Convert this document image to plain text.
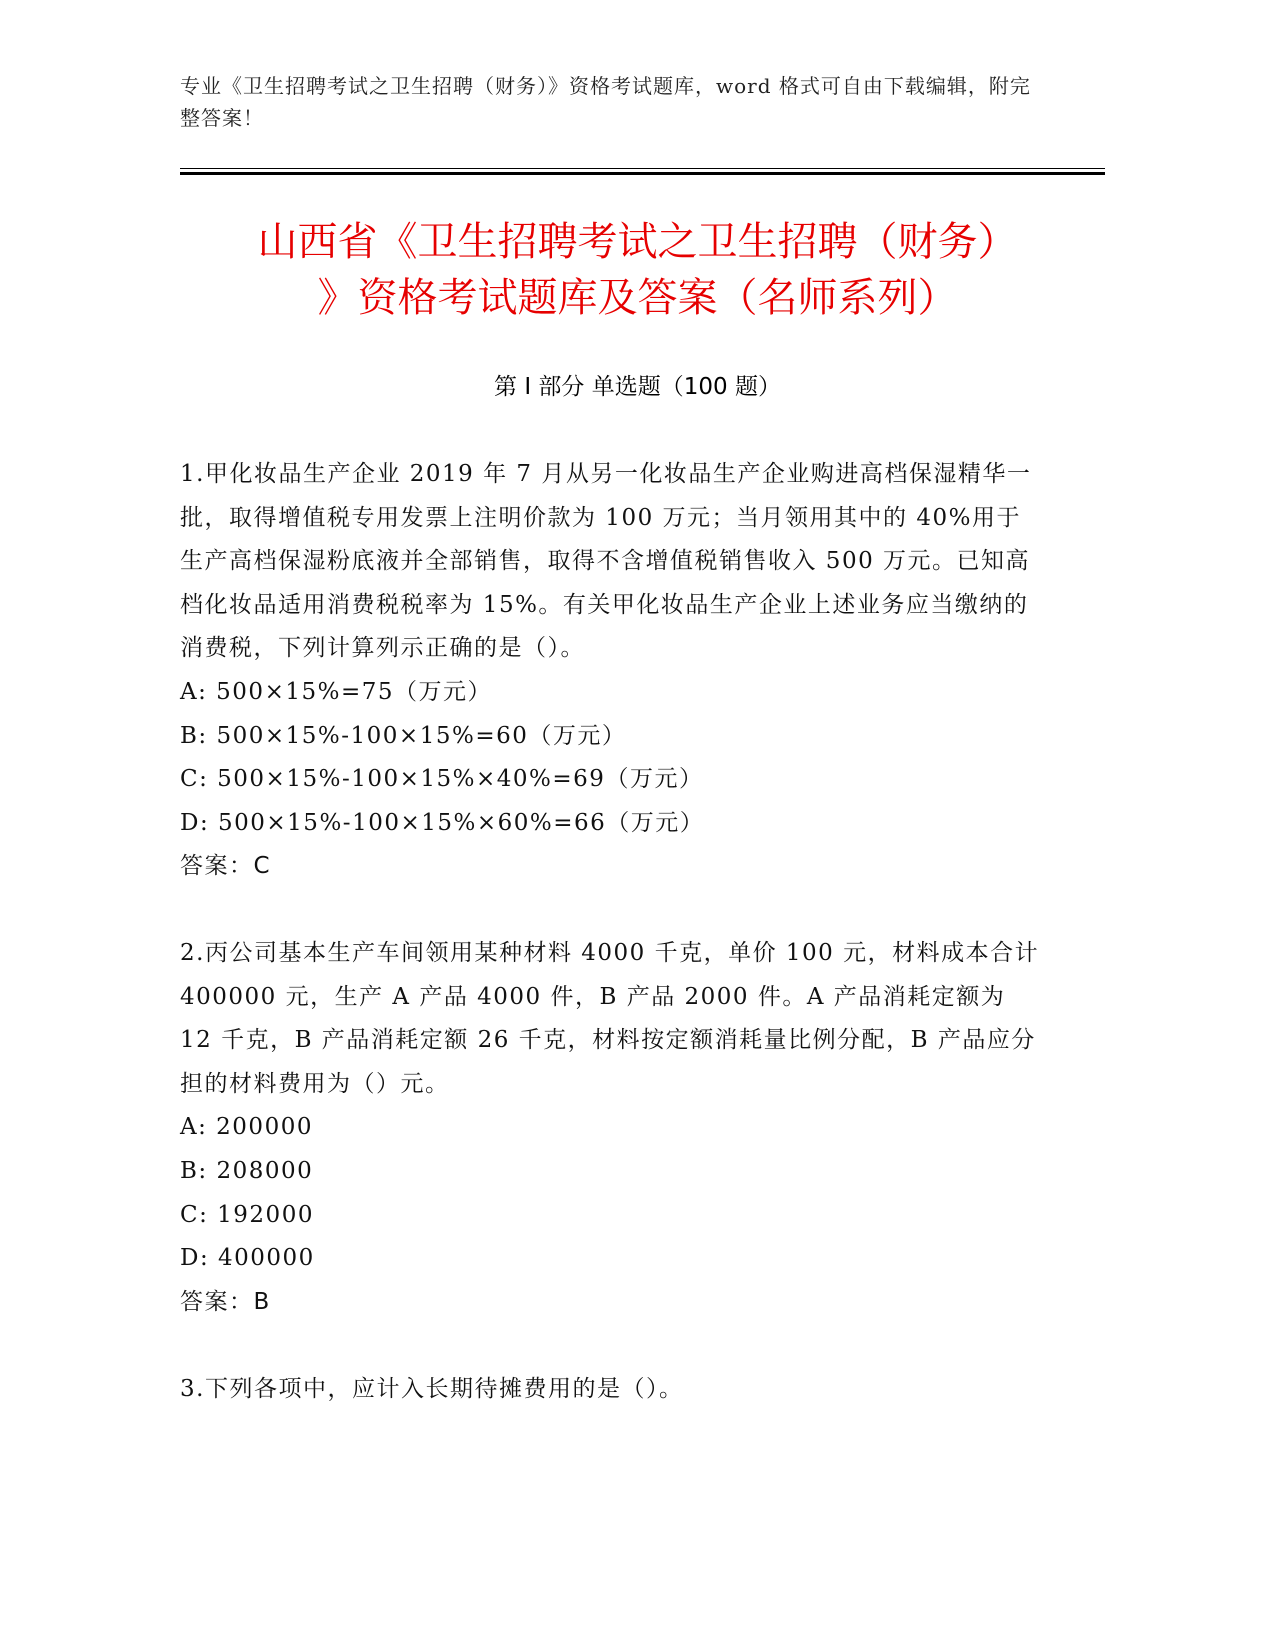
专业《卫生招聘考试之卫生招聘（财务）》资格考试题库，word 格式可自由下载编辑，附完整答案！
山西省《卫生招聘考试之卫生招聘（财务）
》资格考试题库及答案（名师系列）
第 I 部分 单选题（100 题）

1.甲化妆品生产企业 2019 年 7 月从另一化妆品生产企业购进高档保湿精华一批，取得增值税专用发票上注明价款为 100 万元；当月领用其中的 40%用于生产高档保湿粉底液并全部销售，取得不含增值税销售收入 500 万元。已知高档化妆品适用消费税税率为 15%。有关甲化妆品生产企业上述业务应当缴纳的消费税，下列计算列示正确的是（）。

A: 500×15%=75（万元）

B: 500×15%-100×15%=60（万元）

C: 500×15%-100×15%×40%=69（万元）

D: 500×15%-100×15%×60%=66（万元）

答案：C

2.丙公司基本生产车间领用某种材料 4000 千克，单价 100 元，材料成本合计 400000 元，生产 A 产品 4000 件，B 产品 2000 件。A 产品消耗定额为 12 千克，B 产品消耗定额 26 千克，材料按定额消耗量比例分配，B 产品应分担的材料费用为（）元。

A: 200000

B: 208000

C: 192000

D: 400000

答案：B

3.下列各项中，应计入长期待摊费用的是（）。
